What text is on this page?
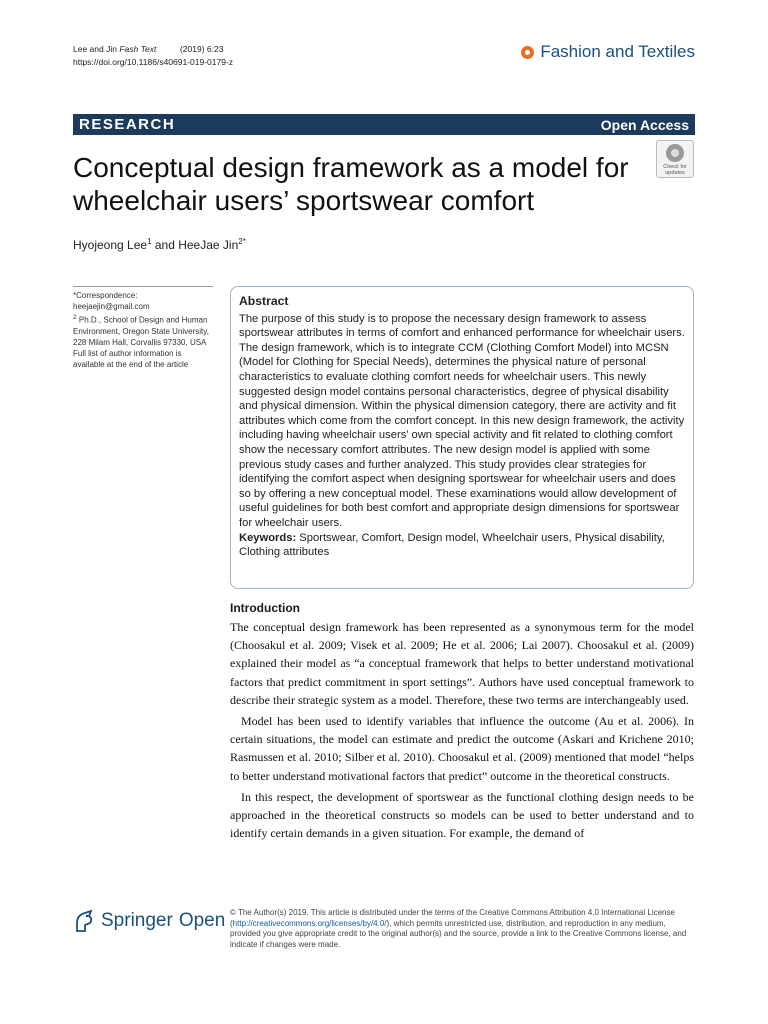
Lee and Jin Fash Text          (2019) 6:23
https://doi.org/10.1186/s40691-019-0179-z
Fashion and Textiles
RESEARCH	Open Access
Conceptual design framework as a model for wheelchair users’ sportswear comfort
Check for
updates
Hyojeong Lee$^1$ and HeeJae Jin$^{2*}$

*Correspondence:

heejaejin@gmail.com

$^2$ Ph.D., School of Design and Human Environment, Oregon State University, 228 Milam Hall, Corvallis 97330, USA

Full list of author information is available at the end of the article

Abstract

The purpose of this study is to propose the necessary design framework to assess sportswear attributes in terms of comfort and enhanced performance for wheelchair users. The design framework, which is to integrate CCM (Clothing Comfort Model) into MCSN (Model for Clothing for Special Needs), determines the physical nature of personal characteristics to evaluate clothing comfort needs for wheelchair users. This newly suggested design model contains personal characteristics, degree of physical disability and physical dimension. Within the physical dimension category, there are activity and fit attributes which come from the comfort concept. In this new design framework, the activity including having wheelchair users’ own special activity and fit related to clothing comfort show the necessary comfort attributes. The new design model is applied with some previous study cases and further analyzed. This study provides clear strategies for identifying the comfort aspect when designing sportswear for wheelchair users and does so by offering a new conceptual model. These examinations would allow development of useful guidelines for both best comfort and appropriate design dimensions for sportswear for wheelchair users.

Keywords: Sportswear, Comfort, Design model, Wheelchair users, Physical disability, Clothing attributes

Introduction

The conceptual design framework has been represented as a synonymous term for the model (Choosakul et al. 2009; Visek et al. 2009; He et al. 2006; Lai 2007). Choosakul et al. (2009) explained their model as “a conceptual framework that helps to better understand motivational factors that predict commitment in sport settings”. Authors have used conceptual framework to describe their strategic system as a model. Therefore, these two terms are interchangeably used.

Model has been used to identify variables that influence the outcome (Au et al. 2006). In certain situations, the model can estimate and predict the outcome (Askari and Krichene 2010; Rasmussen et al. 2010; Silber et al. 2010). Choosakul et al. (2009) mentioned that model “helps to better understand motivational factors that predict” outcome in the theoretical constructs.

In this respect, the development of sportswear as the functional clothing design needs to be approached in the theoretical constructs so models can be used to better understand and to identify certain demands in a given situation. For example, the demand of

Springer Open © The Author(s) 2019. This article is distributed under the terms of the Creative Commons Attribution 4.0 International License (http://creativecommons.org/licenses/by/4.0/), which permits unrestricted use, distribution, and reproduction in any medium, provided you give appropriate credit to the original author(s) and the source, provide a link to the Creative Commons license, and indicate if changes were made.
